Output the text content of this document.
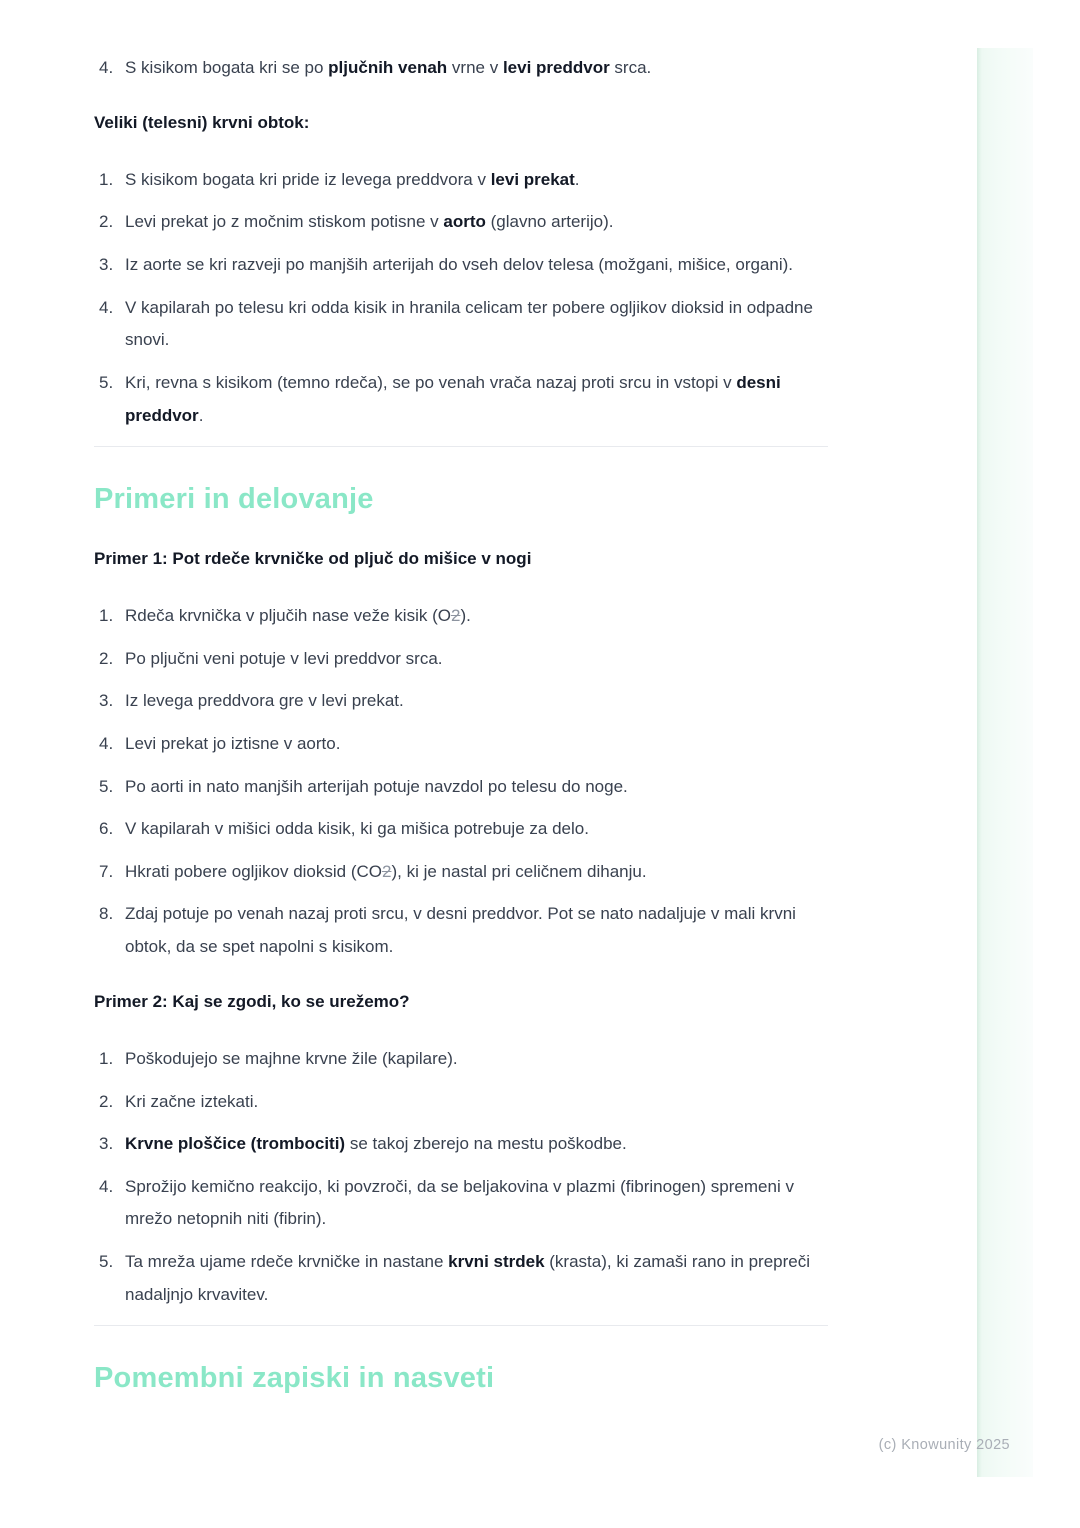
4. S kisikom bogata kri se po pljučnih venah vrne v levi preddvor srca.
Veliki (telesni) krvni obtok:
1. S kisikom bogata kri pride iz levega preddvora v levi prekat.
2. Levi prekat jo z močnim stiskom potisne v aorto (glavno arterijo).
3. Iz aorte se kri razveji po manjših arterijah do vseh delov telesa (možgani, mišice, organi).
4. V kapilarah po telesu kri odda kisik in hranila celicam ter pobere ogljikov dioksid in odpadne snovi.
5. Kri, revna s kisikom (temno rdeča), se po venah vrača nazaj proti srcu in vstopi v desni preddvor.
Primeri in delovanje
Primer 1: Pot rdeče krvničke od pljuč do mišice v nogi
1. Rdeča krvnička v pljučih nase veže kisik (O2).
2. Po pljučni veni potuje v levi preddvor srca.
3. Iz levega preddvora gre v levi prekat.
4. Levi prekat jo iztisne v aorto.
5. Po aorti in nato manjših arterijah potuje navzdol po telesu do noge.
6. V kapilarah v mišici odda kisik, ki ga mišica potrebuje za delo.
7. Hkrati pobere ogljikov dioksid (CO2), ki je nastal pri celičnem dihanju.
8. Zdaj potuje po venah nazaj proti srcu, v desni preddvor. Pot se nato nadaljuje v mali krvni obtok, da se spet napolni s kisikom.
Primer 2: Kaj se zgodi, ko se urežemo?
1. Poškodujejo se majhne krvne žile (kapilare).
2. Kri začne iztekati.
3. Krvne ploščice (trombociti) se takoj zberejo na mestu poškodbe.
4. Sprožijo kemično reakcijo, ki povzroči, da se beljakovina v plazmi (fibrinogen) spremeni v mrežo netopnih niti (fibrin).
5. Ta mreža ujame rdeče krvničke in nastane krvni strdek (krasta), ki zamaši rano in prepreči nadaljnjo krvavitev.
Pomembni zapiski in nasveti
(c) Knowunity 2025
